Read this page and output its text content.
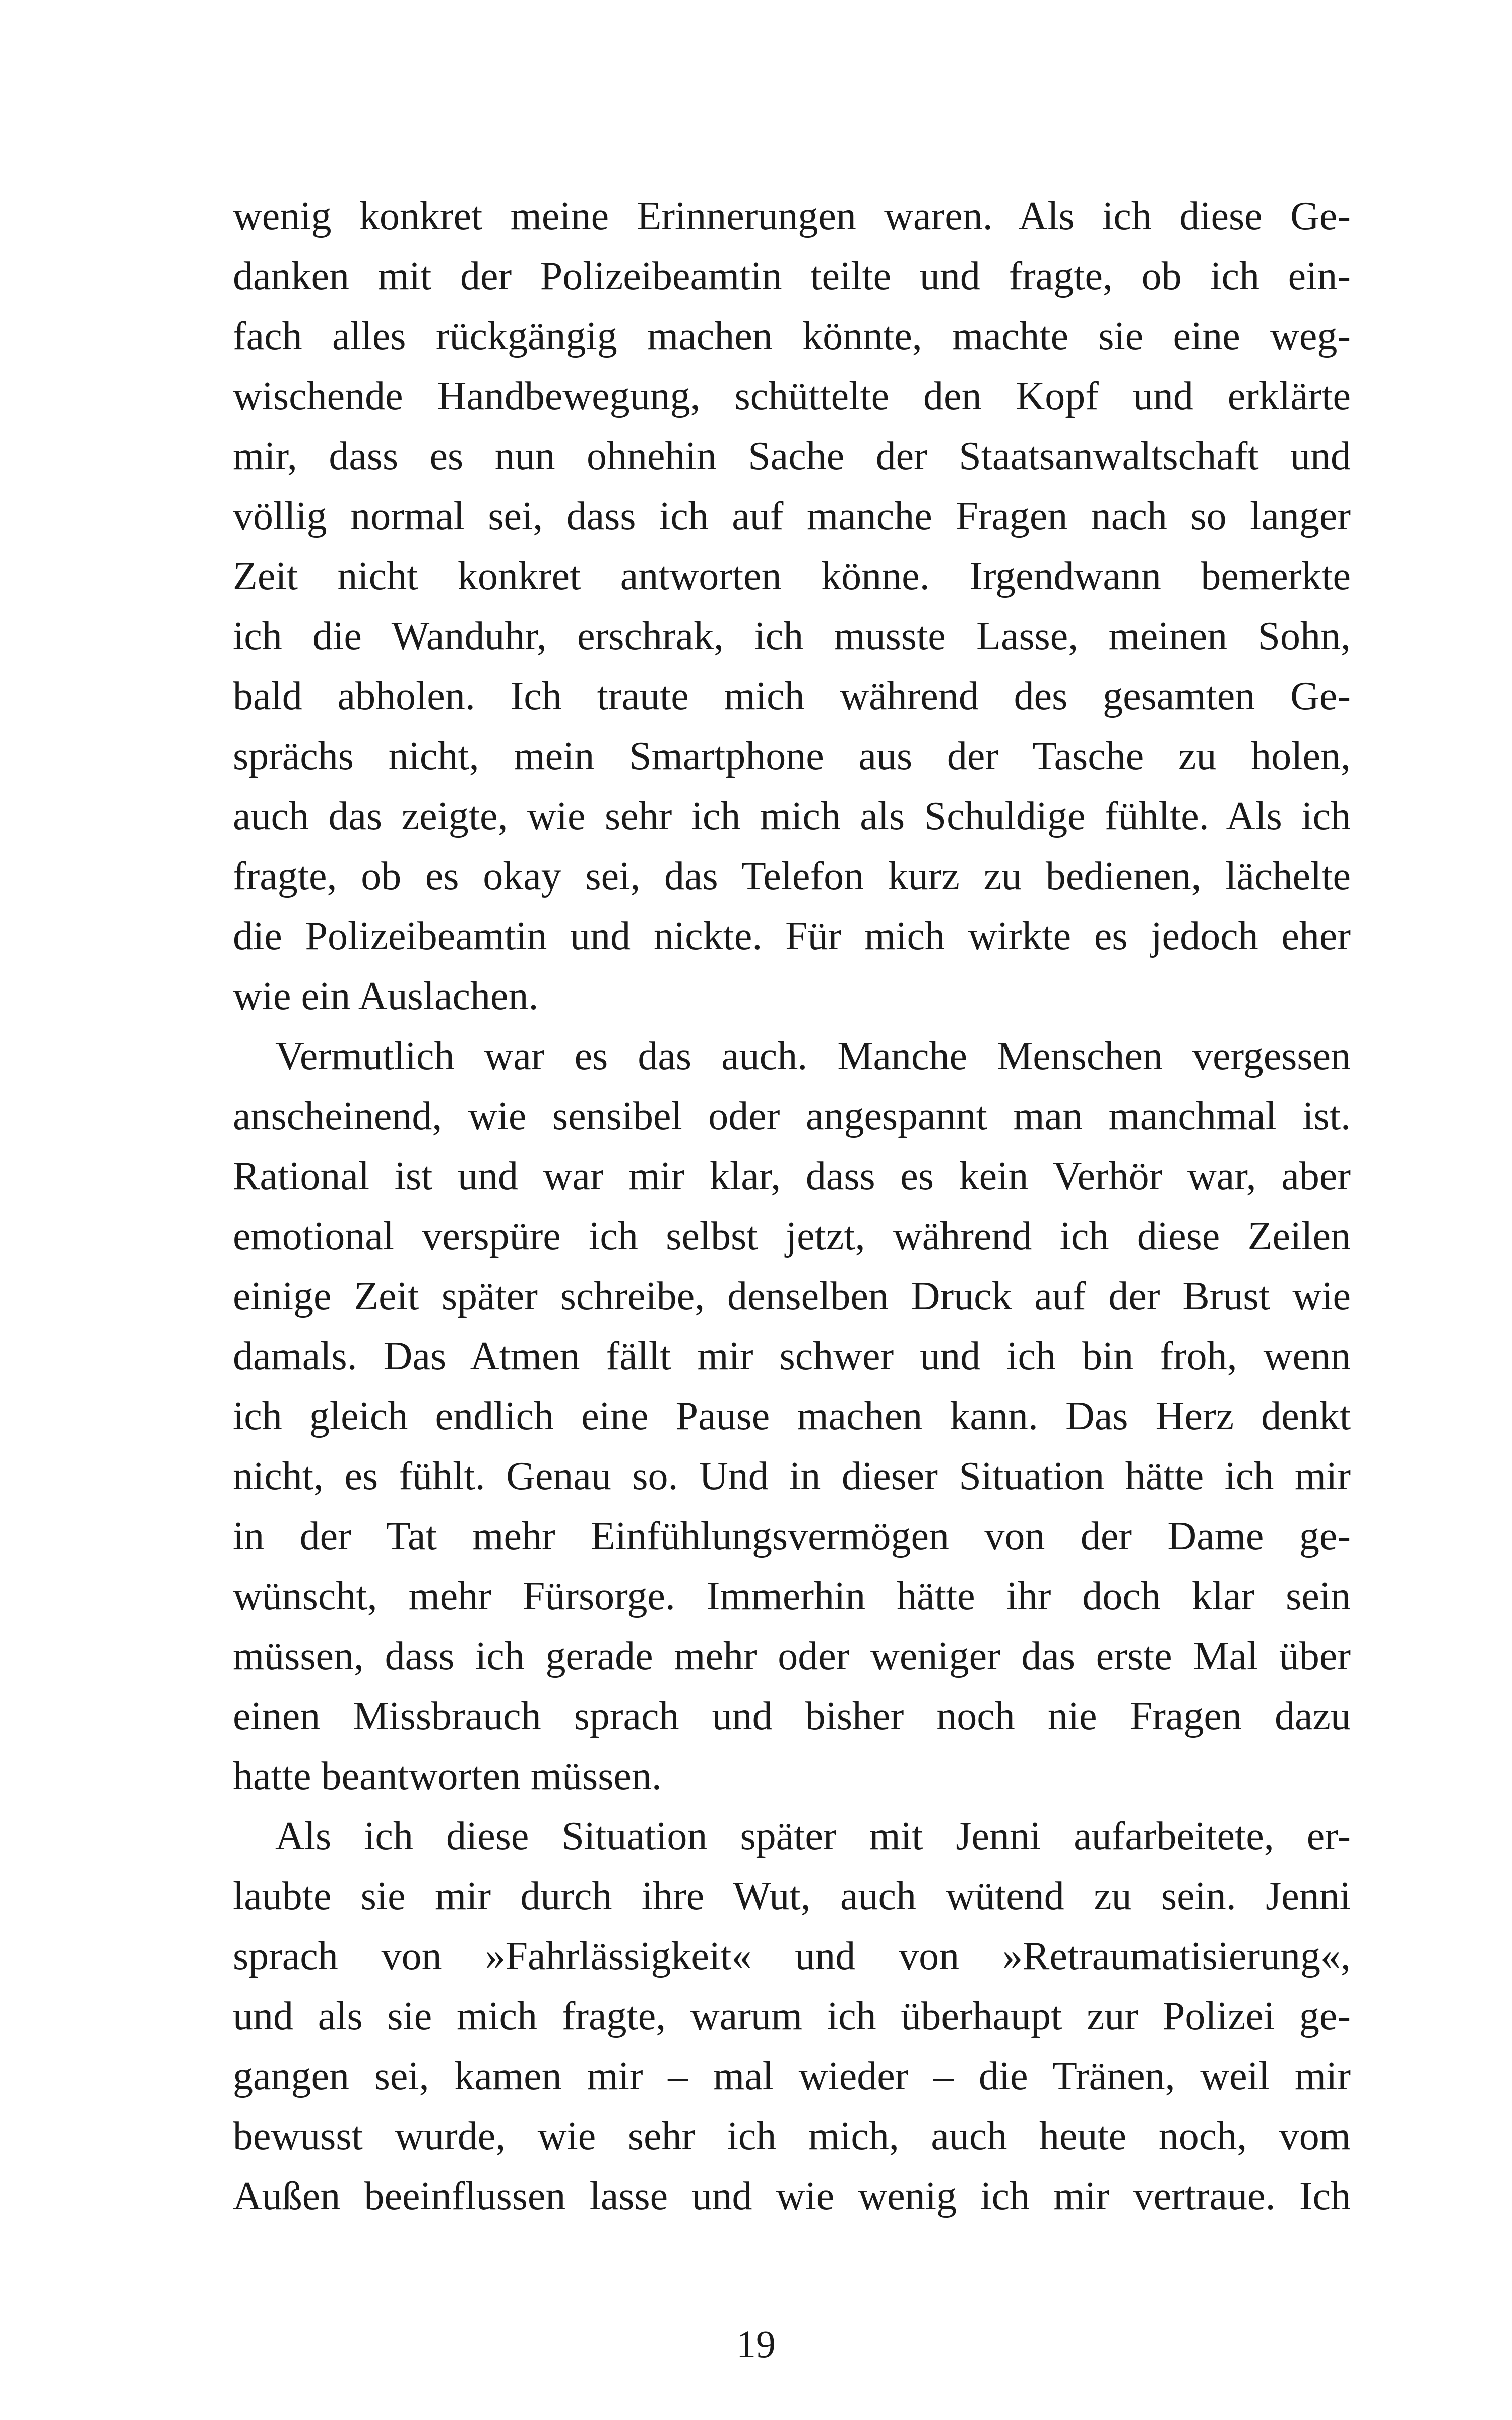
wenig konkret meine Erinnerungen waren. Als ich diese Ge-
danken mit der Polizeibeamtin teilte und fragte, ob ich ein-
fach alles rückgängig machen könnte, machte sie eine weg-
wischende Handbewegung, schüttelte den Kopf und erklärte
mir, dass es nun ohnehin Sache der Staatsanwaltschaft und
völlig normal sei, dass ich auf manche Fragen nach so langer
Zeit nicht konkret antworten könne. Irgendwann bemerkte
ich die Wanduhr, erschrak, ich musste Lasse, meinen Sohn,
bald abholen. Ich traute mich während des gesamten Ge-
sprächs nicht, mein Smartphone aus der Tasche zu holen,
auch das zeigte, wie sehr ich mich als Schuldige fühlte. Als ich
fragte, ob es okay sei, das Telefon kurz zu bedienen, lächelte
die Polizeibeamtin und nickte. Für mich wirkte es jedoch eher
wie ein Auslachen.
Vermutlich war es das auch. Manche Menschen vergessen
anscheinend, wie sensibel oder angespannt man manchmal ist.
Rational ist und war mir klar, dass es kein Verhör war, aber
emotional verspüre ich selbst jetzt, während ich diese Zeilen
einige Zeit später schreibe, denselben Druck auf der Brust wie
damals. Das Atmen fällt mir schwer und ich bin froh, wenn
ich gleich endlich eine Pause machen kann. Das Herz denkt
nicht, es fühlt. Genau so. Und in dieser Situation hätte ich mir
in der Tat mehr Einfühlungsvermögen von der Dame ge-
wünscht, mehr Fürsorge. Immerhin hätte ihr doch klar sein
müssen, dass ich gerade mehr oder weniger das erste Mal über
einen Missbrauch sprach und bisher noch nie Fragen dazu
hatte beantworten müssen.
Als ich diese Situation später mit Jenni aufarbeitete, er-
laubte sie mir durch ihre Wut, auch wütend zu sein. Jenni
sprach von »Fahrlässigkeit« und von »Retraumatisierung«,
und als sie mich fragte, warum ich überhaupt zur Polizei ge-
gangen sei, kamen mir – mal wieder – die Tränen, weil mir
bewusst wurde, wie sehr ich mich, auch heute noch, vom
Außen beeinflussen lasse und wie wenig ich mir vertraue. Ich
19
